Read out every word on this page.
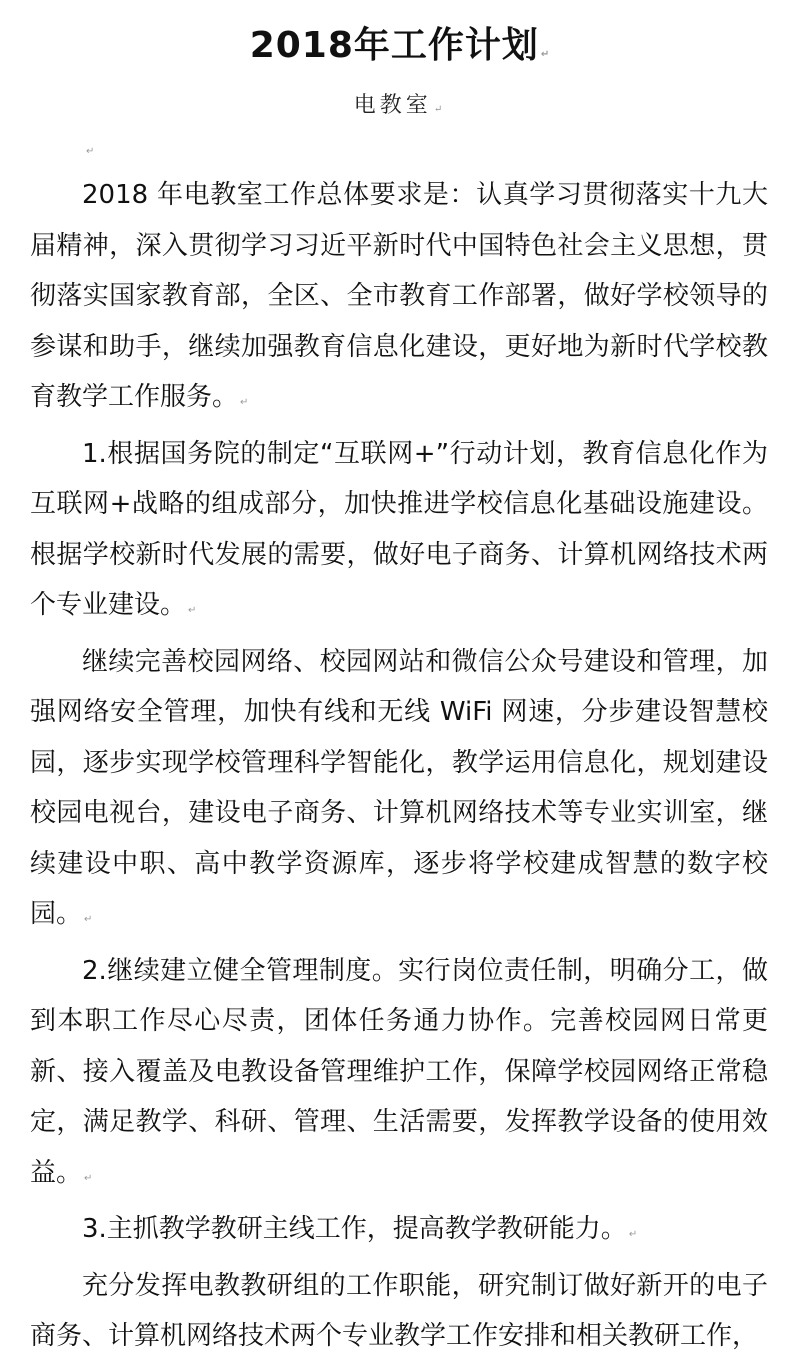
2018年工作计划 ↵
电教室 ↵
↵

2018 年电教室工作总体要求是：认真学习贯彻落实十九大届精神，深入贯彻学习习近平新时代中国特色社会主义思想，贯彻落实国家教育部，全区、全市教育工作部署，做好学校领导的参谋和助手，继续加强教育信息化建设，更好地为新时代学校教育教学工作服务。 ↵

1.根据国务院的制定“互联网+”行动计划，教育信息化作为互联网+战略的组成部分，加快推进学校信息化基础设施建设。根据学校新时代发展的需要，做好电子商务、计算机网络技术两个专业建设。 ↵

继续完善校园网络、校园网站和微信公众号建设和管理，加强网络安全管理，加快有线和无线 WiFi 网速，分步建设智慧校园，逐步实现学校管理科学智能化，教学运用信息化，规划建设校园电视台，建设电子商务、计算机网络技术等专业实训室，继续建设中职、高中教学资源库，逐步将学校建成智慧的数字校园。 ↵

2.继续建立健全管理制度。实行岗位责任制，明确分工，做到本职工作尽心尽责，团体任务通力协作。完善校园网日常更新、接入覆盖及电教设备管理维护工作，保障学校园网络正常稳定，满足教学、科研、管理、生活需要，发挥教学设备的使用效益。 ↵

3.主抓教学教研主线工作，提高教学教研能力。 ↵

充分发挥电教教研组的工作职能，研究制订做好新开的电子商务、计算机网络技术两个专业教学工作安排和相关教研工作，
